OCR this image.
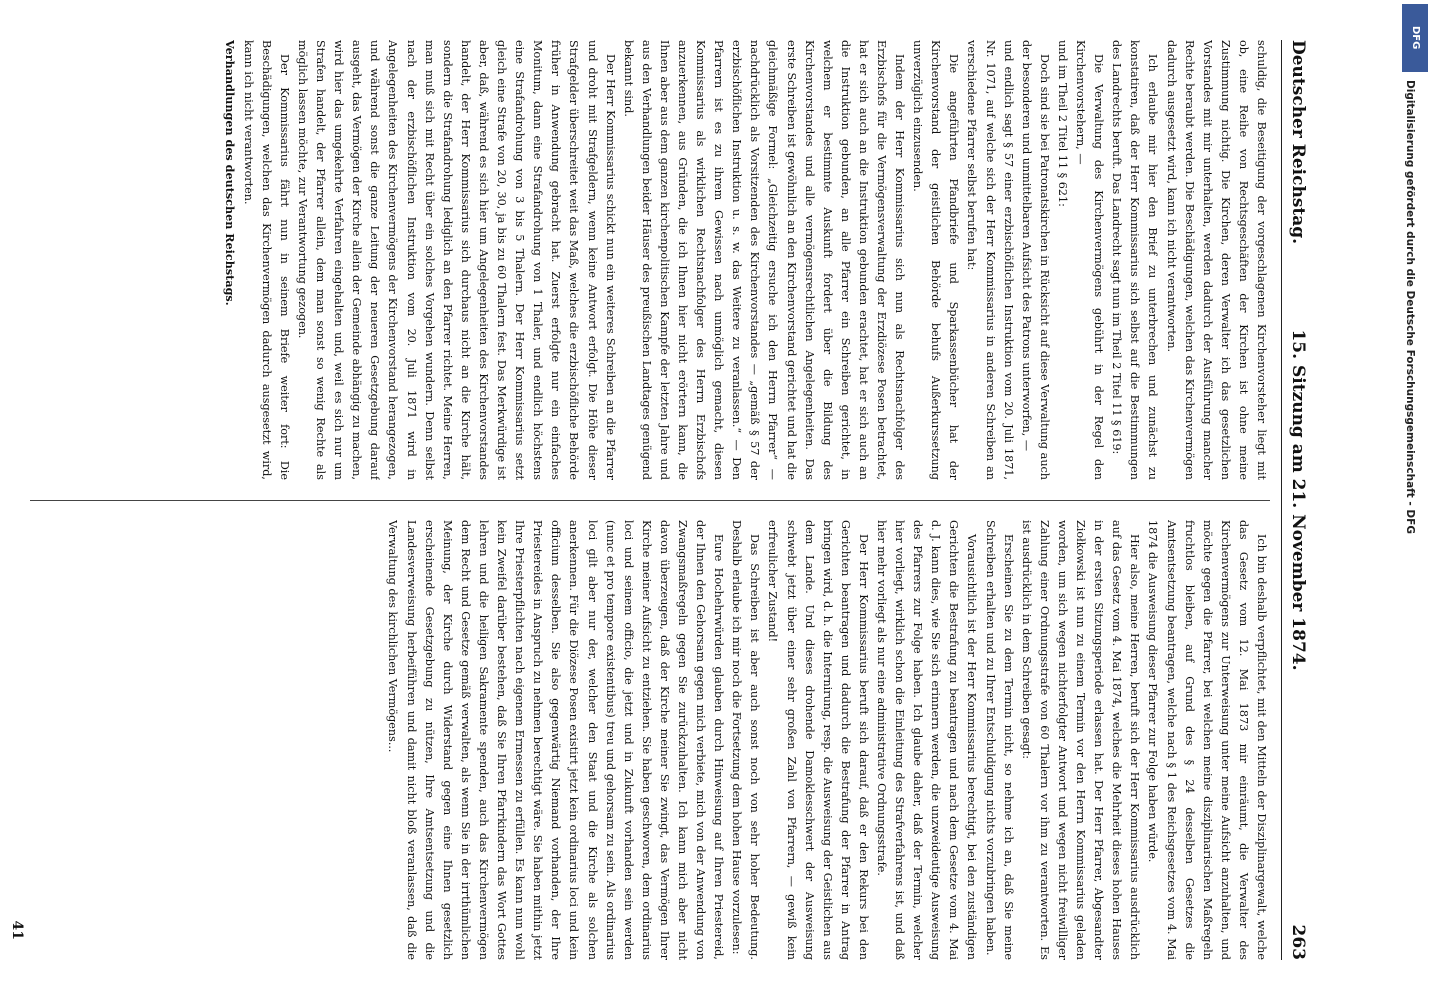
Deutscher Reichstag.
15. Sitzung am 21. November 1874.
263

schuldig, die Beseitigung der vorgeschlagenen Kirchenvorsteher liegt mit ob, eine Reihe von Rechtsgeschäften der Kirchen ist ohne meine Zustimmung nichtig. Die Kirchen, deren Verwalter ich das gesetzlichen Vorstandes mit mir unterhalten, werden dadurch der Ausführung mancher Rechte beraubt werden. Die Beschädigungen, welchen das Kirchenvermögen dadurch ausgesetzt wird, kann ich nicht verantworten.

Ich erlaube mir hier den Brief zu unterbrechen und zunächst zu konstatiren, daß der Herr Kommissarius sich selbst auf die Bestimmungen des Landrechts beruft. Das Landrecht sagt nun im Theil 2 Titel 11 § 619:

Die Verwaltung des Kirchenvermögens gebührt in der Regel den Kirchenvorstehern, —

und im Theil 2 Titel 11 § 621:

Doch sind sie bei Patronatskirchen in Rücksicht auf diese Verwaltung auch der besonderen und unmittelbaren Aufsicht des Patrons unterworfen, —

und endlich sagt § 57 einer erzbischöflichen Instruktion vom 20. Juli 1871, Nr. 1071, auf welche sich der Herr Kommissarius in anderen Schreiben an verschiedene Pfarrer selbst berufen hat:

Die angeführten Pfandbriefe und Sparkassenbücher hat der Kirchenvorstand der geistlichen Behörde behufs Außerkurssetzung unverzüglich einzusenden.

Indem der Herr Kommissarius sich nun als Rechtsnachfolger des Erzbischofs für die Vermögensverwaltung der Erzdiözese Posen betrachtet, hat er sich auch an die Instruktion gebunden erachtet, hat er sich auch an die Instruktion gebunden, an alle Pfarrer ein Schreiben gerichtet, in welchem er bestimmte Auskunft fordert über die Bildung des Kirchenvorstandes und alle vermögensrechtlichen Angelegenheiten. Das erste Schreiben ist gewöhnlich an den Kirchenvorstand gerichtet und hat die gleichmäßige Formel: „Gleichzeitig ersuche ich den Herrn Pfarrer“ — nachdrücklich als Vorsitzenden des Kirchenvorstandes — „gemäß § 57 der erzbischöflichen Instruktion u. s. w. das Weitere zu veranlassen.“ — Den Pfarrern ist es zu ihrem Gewissen nach unmöglich gemacht, diesen Kommissarius als wirklichen Rechtsnachfolger des Herrn Erzbischofs anzuerkennen, aus Gründen, die ich Ihnen hier nicht erörtern kann, die Ihnen aber aus dem ganzen kirchenpolitischen Kampfe der letzten Jahre und aus den Verhandlungen beider Häuser des preußischen Landtages genügend bekannt sind.

Der Herr Kommissarius schickt nun ein weiteres Schreiben an die Pfarrer und droht mit Strafgeldern, wenn keine Antwort erfolgt. Die Höhe dieser Strafgelder überschreitet weit das Maß, welches die erzbischöfliche Behörde früher in Anwendung gebracht hat. Zuerst erfolgte nur ein einfaches Monitum, dann eine Strafandrohung von 1 Thaler, und endlich höchstens eine Strafandrohung von 3 bis 5 Thalern. Der Herr Kommissarius setzt gleich eine Strafe von 20, 30, ja bis zu 60 Thalern fest. Das Merkwürdige ist aber, daß, während es sich hier um Angelegenheiten des Kirchenvorstandes handelt, der Herr Kommissarius sich durchaus nicht an die Kirche hält, sondern die Strafandrohung lediglich an den Pfarrer richtet. Meine Herren, man muß sich mit Recht über ein solches Vorgehen wundern. Denn selbst nach der erzbischöflichen Instruktion vom 20. Juli 1871 wird in Angelegenheiten des Kirchenvermögens der Kirchenvorstand herangezogen, und während sonst die ganze Leitung der neueren Gesetzgebung darauf ausgeht, das Vermögen der Kirche allein der Gemeinde abhängig zu machen, wird hier das umgekehrte Verfahren eingehalten und, weil es sich nur um Strafen handelt, der Pfarrer allein, dem man sonst so wenig Rechte als möglich lassen möchte, zur Verantwortung gezogen.

Der Kommissarius fährt nun in seinem Briefe weiter fort: Die Beschädigungen, welchen das Kirchenvermögen dadurch ausgesetzt wird, kann ich nicht verantworten.

Verhandlungen des deutschen Reichstags.

Ich bin deshalb verpflichtet, mit den Mitteln der Disziplinargewalt, welche das Gesetz vom 12. Mai 1873 mir einräumt, die Verwalter des Kirchenvermögens zur Unterweisung unter meine Aufsicht anzuhalten, und möchte gegen die Pfarrer, bei welchen meine disziplinarischen Maßregeln fruchtlos bleiben, auf Grund des § 24 desselben Gesetzes die Amtsentsetzung beantragen, welche nach § 1 des Reichsgesetzes vom 4. Mai 1874 die Ausweisung dieser Pfarrer zur Folge haben würde.

Hier also, meine Herren, beruft sich der Herr Kommissarius ausdrücklich auf das Gesetz vom 4. Mai 1874, welches die Mehrheit dieses hohen Hauses in der ersten Sitzungsperiode erlassen hat. Der Herr Pfarrer, Abgesandter Ziołkowski ist nun zu einem Termin vor den Herrn Kommissarius geladen worden, um sich wegen nichterfolgter Antwort und wegen nicht freiwilliger Zahlung einer Ordnungsstrafe von 60 Thalern vor ihm zu verantworten. Es ist ausdrücklich in dem Schreiben gesagt:

Erscheinen Sie zu dem Termin nicht, so nehme ich an, daß Sie meine Schreiben erhalten und zu Ihrer Entschuldigung nichts vorzubringen haben.

Vorausichtlich ist der Herr Kommissarius berechtigt, bei den zuständigen Gerichten die Bestrafung zu beantragen und nach dem Gesetze vom 4. Mai d. J. kann dies, wie Sie sich erinnern werden, die unzweideutige Ausweisung des Pfarrers zur Folge haben. Ich glaube daher, daß der Termin, welcher hier vorliegt, wirklich schon die Einleitung des Strafverfahrens ist, und daß hier mehr vorliegt als nur eine administrative Ordnungsstrafe.

Der Herr Kommissarius beruft sich darauf, daß er den Rekurs bei den Gerichten beantragen und dadurch die Bestrafung der Pfarrer in Antrag bringen wird, d. h. die Internirung, resp. die Ausweisung der Geistlichen aus dem Lande. Und dieses drohende Damoklesschwert der Ausweisung schwebt jetzt über einer sehr großen Zahl von Pfarrern, — gewiß kein erfreulicher Zustand!

Das Schreiben ist aber auch sonst noch von sehr hoher Bedeutung. Deshalb erlaube ich mir noch die Fortsetzung dem hohen Hause vorzulesen:

Eure Hochehrwürden glauben durch Hinweisung auf Ihren Priestereid, der Ihnen den Gehorsam gegen mich verbiete, mich von der Anwendung von Zwangsmaßregeln gegen Sie zurückzuhalten. Ich kann mich aber nicht davon überzeugen, daß der Kirche meiner Sie zwingt, das Vermögen Ihrer Kirche meiner Aufsicht zu entziehen. Sie haben geschworen, dem ordinarius loci und seinem officio, die jetzt und in Zukunft vorhanden sein werden (nunc et pro tempore existentibus) treu und gehorsam zu sein. Als ordinarius loci gilt aber nur der, welcher den Staat und die Kirche als solchen anerkennen. Für die Diözese Posen existirt jetzt kein ordinarius loci und kein officium desselben. Sie also gegenwärtig Niemand vorhanden, der Ihre Priestereides in Anspruch zu nehmen berechtigt wäre. Sie haben mithin jetzt Ihre Priesterpflichten nach eigenem Ermessen zu erfüllen. Es kann nun wohl kein Zweifel darüber bestehen, daß Sie Ihren Pfarrkindern das Wort Gottes lehren und die heiligen Sakramente spenden, auch das Kirchenvermögen dem Recht und Gesetze gemäß verwalten, als wenn Sie in der irrthümlichen Meinung, der Kirche durch Widerstand gegen eine Ihnen gesetzlich erscheinende Gesetzgebung zu nützen, Ihre Amtsentsetzung und die Landesverweisung herbeiführen und damit nicht bloß veranlassen, daß die Verwaltung des kirchlichen Vermögens...

41
DFG
Digitalisierung gefördert durch die Deutsche Forschungsgemeinschaft - DFG
